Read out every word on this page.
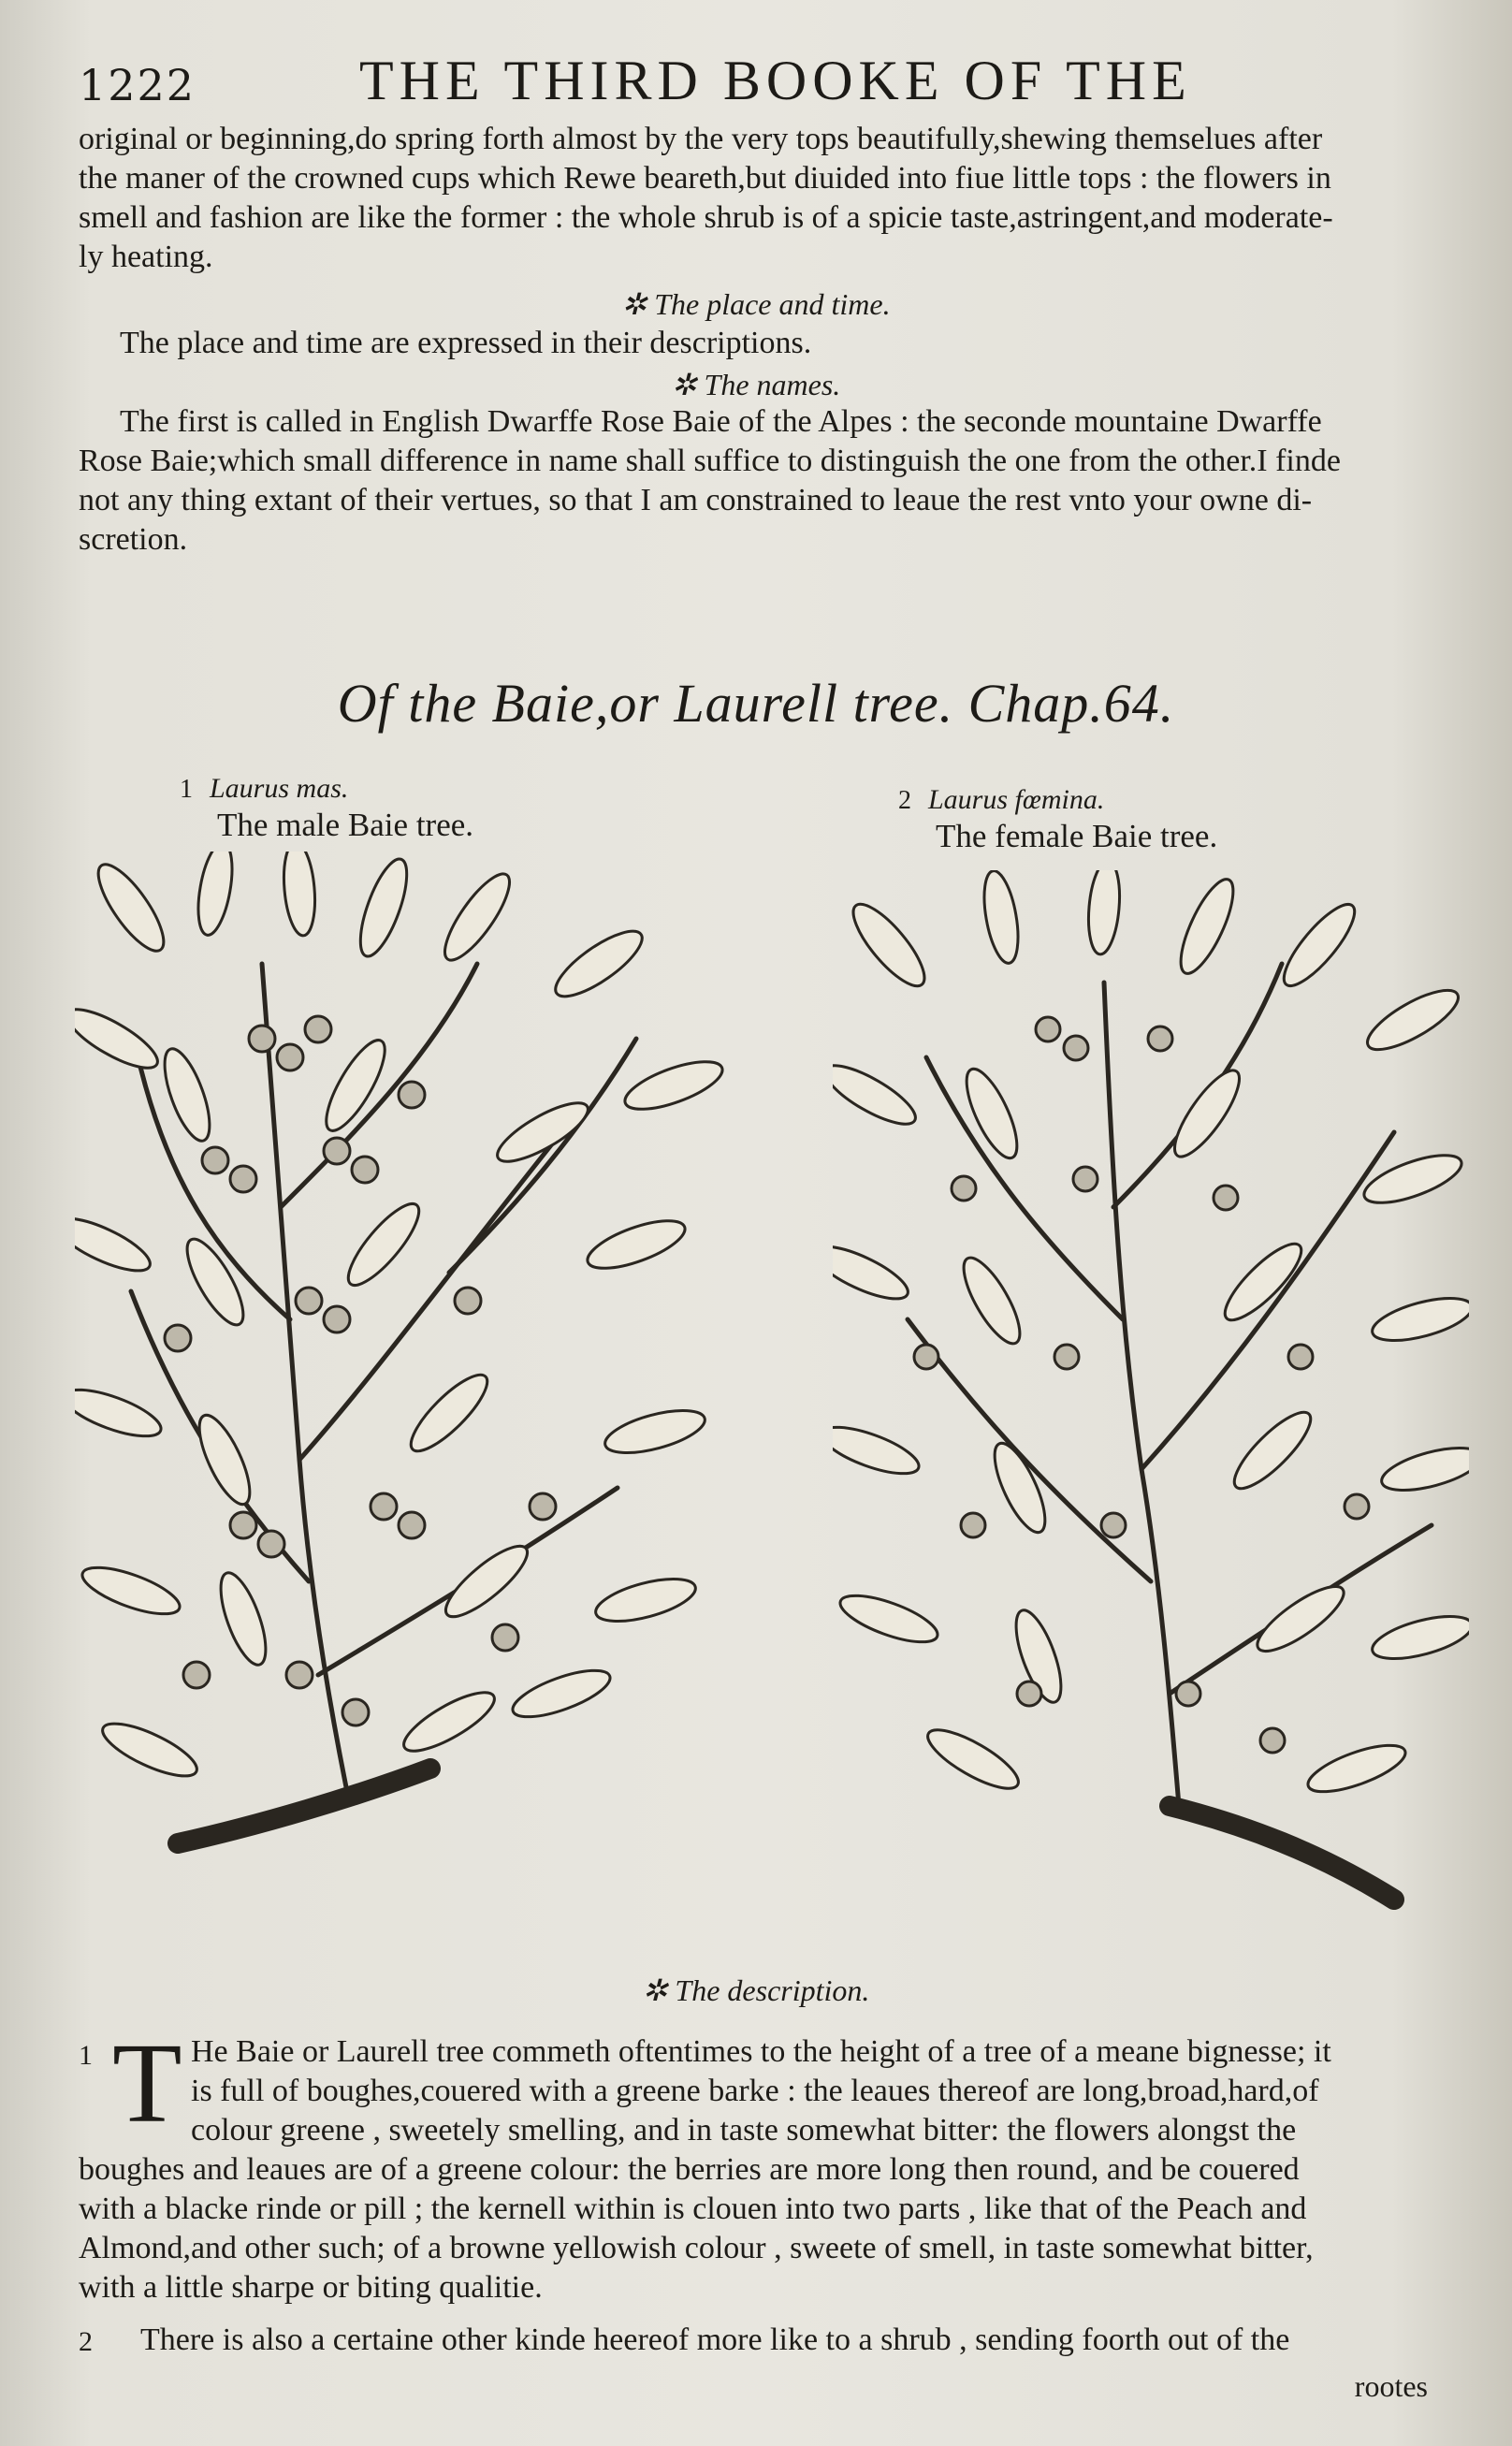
1222	THE THIRD BOOKE OF THE
original or beginning,do spring forth almost by the very tops beautifully,shewing themselues after
the maner of the crowned cups which Rewe beareth,but diuided into fiue little tops : the flowers in
smell and fashion are like the former : the whole shrub is of a spicie taste,astringent,and moderate-
ly heating.
✲ The place and time.
The place and time are expressed in their descriptions.
✲ The names.
The first is called in English Dwarffe Rose Baie of the Alpes : the seconde mountaine Dwarffe
Rose Baie;which small difference in name shall suffice to distinguish the one from the other.I finde
not any thing extant of their vertues, so that I am constrained to leaue the rest vnto your owne di-
scretion.
Of the Baie,or Laurell tree. Chap.64.
1 Laurus mas.
The male Baie tree.
2 Laurus fœmina.
The female Baie tree.
✲ The description.
1 T He Baie or Laurell tree commeth oftentimes to the height of a tree of a meane bignesse; it
is full of boughes,couered with a greene barke : the leaues thereof are long,broad,hard,of
colour greene , sweetely smelling, and in taste somewhat bitter: the flowers alongst the
boughes and leaues are of a greene colour: the berries are more long then round, and be couered
with a blacke rinde or pill ; the kernell within is clouen into two parts , like that of the Peach and
Almond,and other such; of a browne yellowish colour , sweete of smell, in taste somewhat bitter,
with a little sharpe or biting qualitie.
2 There is also a certaine other kinde heereof more like to a shrub , sending foorth out of the
rootes
